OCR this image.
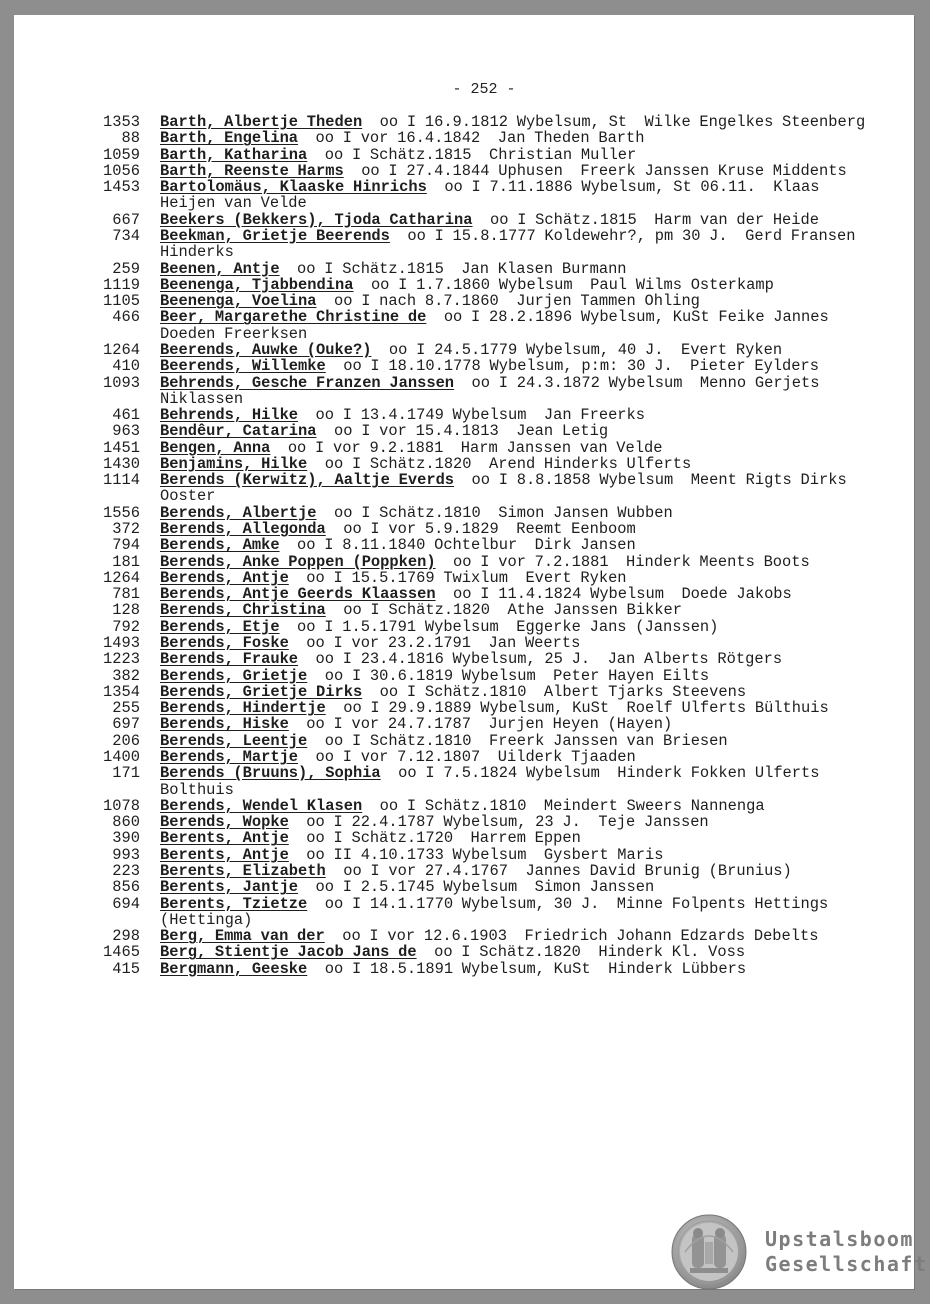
- 252 -
1353 Barth, Albertje Theden  oo I 16.9.1812 Wybelsum, St  Wilke Engelkes Steenberg
88 Barth, Engelina  oo I vor 16.4.1842  Jan Theden Barth
1059 Barth, Katharina  oo I Schätz.1815  Christian Muller
1056 Barth, Reenste Harms  oo I 27.4.1844 Uphusen  Freerk Janssen Kruse Middents
1453 Bartolomäus, Klaaske Hinrichs  oo I 7.11.1886 Wybelsum, St 06.11.  Klaas Heijen van Velde
667 Beekers (Bekkers), Tjoda Catharina  oo I Schätz.1815  Harm van der Heide
734 Beekman, Grietje Beerends  oo I 15.8.1777 Koldewehr?, pm 30 J.  Gerd Fransen Hinderks
259 Beenen, Antje  oo I Schätz.1815  Jan Klasen Burmann
1119 Beenenga, Tjabbendina  oo I 1.7.1860 Wybelsum  Paul Wilms Osterkamp
1105 Beenenga, Voelina  oo I nach 8.7.1860  Jurjen Tammen Ohling
466 Beer, Margarethe Christine de  oo I 28.2.1896 Wybelsum, KuSt Feike Jannes Doeden Freerksen
1264 Beerends, Auwke (Ouke?)  oo I 24.5.1779 Wybelsum, 40 J.  Evert Ryken
410 Beerends, Willemke  oo I 18.10.1778 Wybelsum, p:m: 30 J.  Pieter Eylders
1093 Behrends, Gesche Franzen Janssen  oo I 24.3.1872 Wybelsum  Menno Gerjets Niklassen
461 Behrends, Hilke  oo I 13.4.1749 Wybelsum  Jan Freerks
963 Bendêur, Catarina  oo I vor 15.4.1813  Jean Letig
1451 Bengen, Anna  oo I vor 9.2.1881  Harm Janssen van Velde
1430 Benjamins, Hilke  oo I Schätz.1820  Arend Hinderks Ulferts
1114 Berends (Kerwitz), Aaltje Everds  oo I 8.8.1858 Wybelsum  Meent Rigts Dirks Ooster
1556 Berends, Albertje  oo I Schätz.1810  Simon Jansen Wubben
372 Berends, Allegonda  oo I vor 5.9.1829  Reemt Eenboom
794 Berends, Amke  oo I 8.11.1840 Ochtelbur  Dirk Jansen
181 Berends, Anke Poppen (Poppken)  oo I vor 7.2.1881  Hinderk Meents Boots
1264 Berends, Antje  oo I 15.5.1769 Twixlum  Evert Ryken
781 Berends, Antje Geerds Klaassen  oo I 11.4.1824 Wybelsum  Doede Jakobs
128 Berends, Christina  oo I Schätz.1820  Athe Janssen Bikker
792 Berends, Etje  oo I 1.5.1791 Wybelsum  Eggerke Jans (Janssen)
1493 Berends, Foske  oo I vor 23.2.1791  Jan Weerts
1223 Berends, Frauke  oo I 23.4.1816 Wybelsum, 25 J.  Jan Alberts Rötgers
382 Berends, Grietje  oo I 30.6.1819 Wybelsum  Peter Hayen Eilts
1354 Berends, Grietje Dirks  oo I Schätz.1810  Albert Tjarks Steevens
255 Berends, Hindertje  oo I 29.9.1889 Wybelsum, KuSt  Roelf Ulferts Bülthuis
697 Berends, Hiske  oo I vor 24.7.1787  Jurjen Heyen (Hayen)
206 Berends, Leentje  oo I Schätz.1810  Freerk Janssen van Briesen
1400 Berends, Martje  oo I vor 7.12.1807  Uilderk Tjaaden
171 Berends (Bruuns), Sophia  oo I 7.5.1824 Wybelsum  Hinderk Fokken Ulferts Bolthuis
1078 Berends, Wendel Klasen  oo I Schätz.1810  Meindert Sweers Nannenga
860 Berends, Wopke  oo I 22.4.1787 Wybelsum, 23 J.  Teje Janssen
390 Berents, Antje  oo I Schätz.1720  Harrem Eppen
993 Berents, Antje  oo II 4.10.1733 Wybelsum  Gysbert Maris
223 Berents, Elizabeth  oo I vor 27.4.1767  Jannes David Brunig (Brunius)
856 Berents, Jantje  oo I 2.5.1745 Wybelsum  Simon Janssen
694 Berents, Tzietze  oo I 14.1.1770 Wybelsum, 30 J.  Minne Folpents Hettings (Hettinga)
298 Berg, Emma van der  oo I vor 12.6.1903  Friedrich Johann Edzards Debelts
1465 Berg, Stientje Jacob Jans de  oo I Schätz.1820  Hinderk Kl. Voss
415 Bergmann, Geeske  oo I 18.5.1891 Wybelsum, KuSt  Hinderk Lübbers
Upstalsboom
Gesellschaft
